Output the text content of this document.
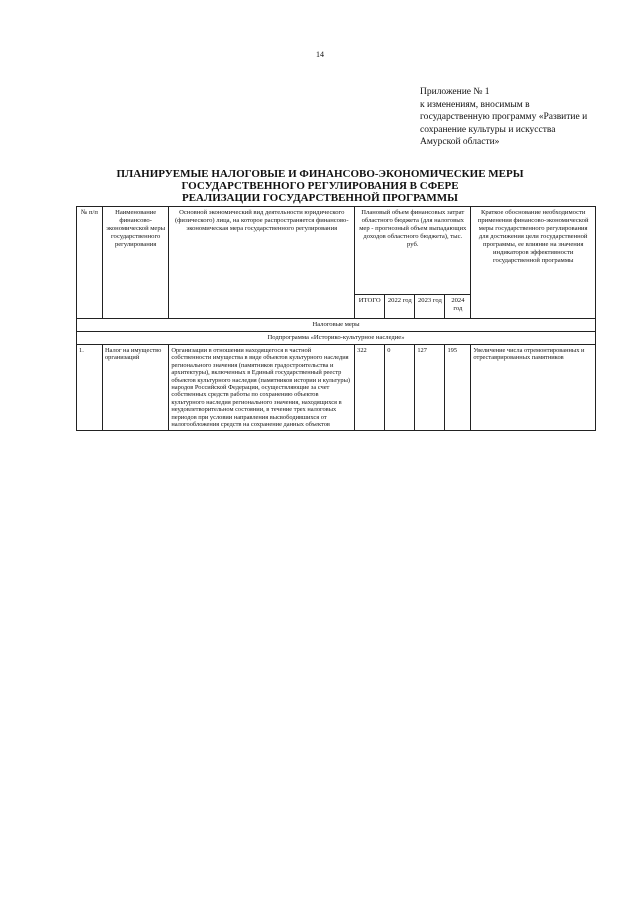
14
Приложение № 1
к изменениям, вносимым в
государственную программу «Развитие и
сохранение культуры и искусства
Амурской области»
ПЛАНИРУЕМЫЕ НАЛОГОВЫЕ И ФИНАНСОВО-ЭКОНОМИЧЕСКИЕ МЕРЫ
ГОСУДАРСТВЕННОГО РЕГУЛИРОВАНИЯ В СФЕРЕ
РЕАЛИЗАЦИИ ГОСУДАРСТВЕННОЙ ПРОГРАММЫ
№ п/п	Наименование финансово-экономической меры государственного регулирования	Основной экономический вид деятельности юридического (физического) лица, на которое распространяется финансово-экономическая мера государственного регулирования	Плановый объем финансовых затрат областного бюджета (для налоговых мер - прогнозный объем выпадающих доходов областного бюджета), тыс. руб.				Краткое обоснование необходимости применения финансово-экономической меры государственного регулирования для достижения цели государственной программы, ее влияние на значения индикаторов эффективности государственной программы
			ИТОГО	2022 год	2023 год	2024 год	
Налоговые меры							
Подпрограмма «Историко-культурное наследие»							
1.	Налог на имущество организаций	Организации в отношении находящегося в частной собственности имущества в виде объектов культурного наследия регионального значения (памятников градостроительства и архитектуры), включенных в Единый государственный реестр объектов культурного наследия (памятников истории и культуры) народов Российской Федерации, осуществляющие за счет собственных средств работы по сохранению объектов культурного наследия регионального значения, находящихся в неудовлетворительном состоянии, в течение трех налоговых периодов при условии направления высвободившихся от налогообложения средств на сохранение данных объектов	322	0	127	195	Увеличение числа отремонтированных и отреставрированных памятников
